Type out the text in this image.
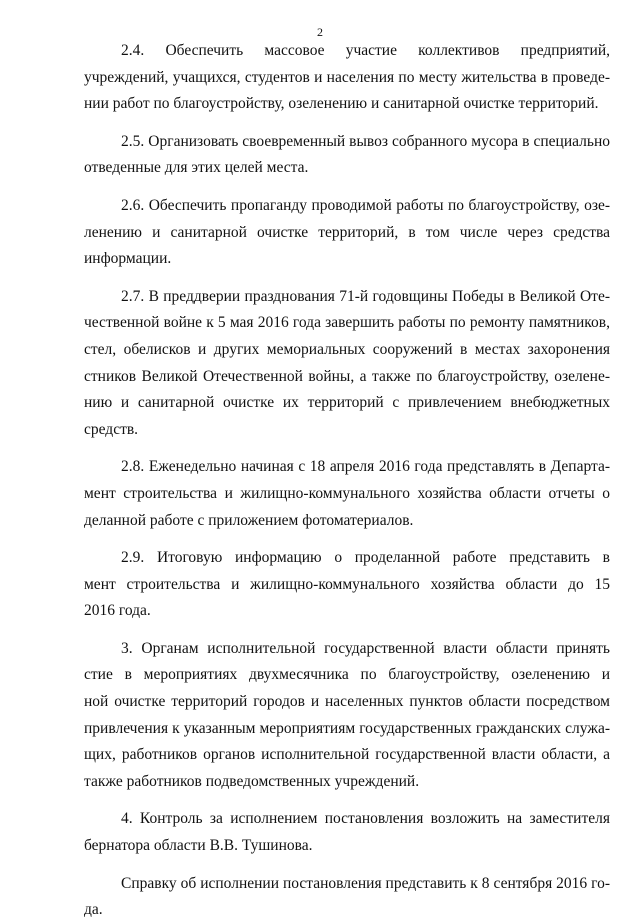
2
2.4. Обеспечить массовое участие коллективов предприятий,
учреждений, учащихся, студентов и населения по месту жительства в проведе-
нии работ по благоустройству, озеленению и санитарной очистке территорий.
2.5. Организовать своевременный вывоз собранного мусора в специально
отведенные для этих целей места.
2.6. Обеспечить пропаганду проводимой работы по благоустройству, озе-
ленению и санитарной очистке территорий, в том числе через средства
информации.
2.7. В преддверии празднования 71-й годовщины Победы в Великой Оте-
чественной войне к 5 мая 2016 года завершить работы по ремонту памятников,
стел, обелисков и других мемориальных сооружений в местах захоронения
стников Великой Отечественной войны, а также по благоустройству, озелене-
нию и санитарной очистке их территорий с привлечением внебюджетных
средств.
2.8. Еженедельно начиная с 18 апреля 2016 года представлять в Департа-
мент строительства и жилищно-коммунального хозяйства области отчеты о
деланной работе с приложением фотоматериалов.
2.9. Итоговую информацию о проделанной работе представить в
мент строительства и жилищно-коммунального хозяйства области до 15
2016 года.
3. Органам исполнительной государственной власти области принять
стие в мероприятиях двухмесячника по благоустройству, озеленению и
ной очистке территорий городов и населенных пунктов области посредством
привлечения к указанным мероприятиям государственных гражданских служа-
щих, работников органов исполнительной государственной власти области, а
также работников подведомственных учреждений.
4. Контроль за исполнением постановления возложить на заместителя
бернатора области В.В. Тушинова.
Справку об исполнении постановления представить к 8 сентября 2016 го-
да.
